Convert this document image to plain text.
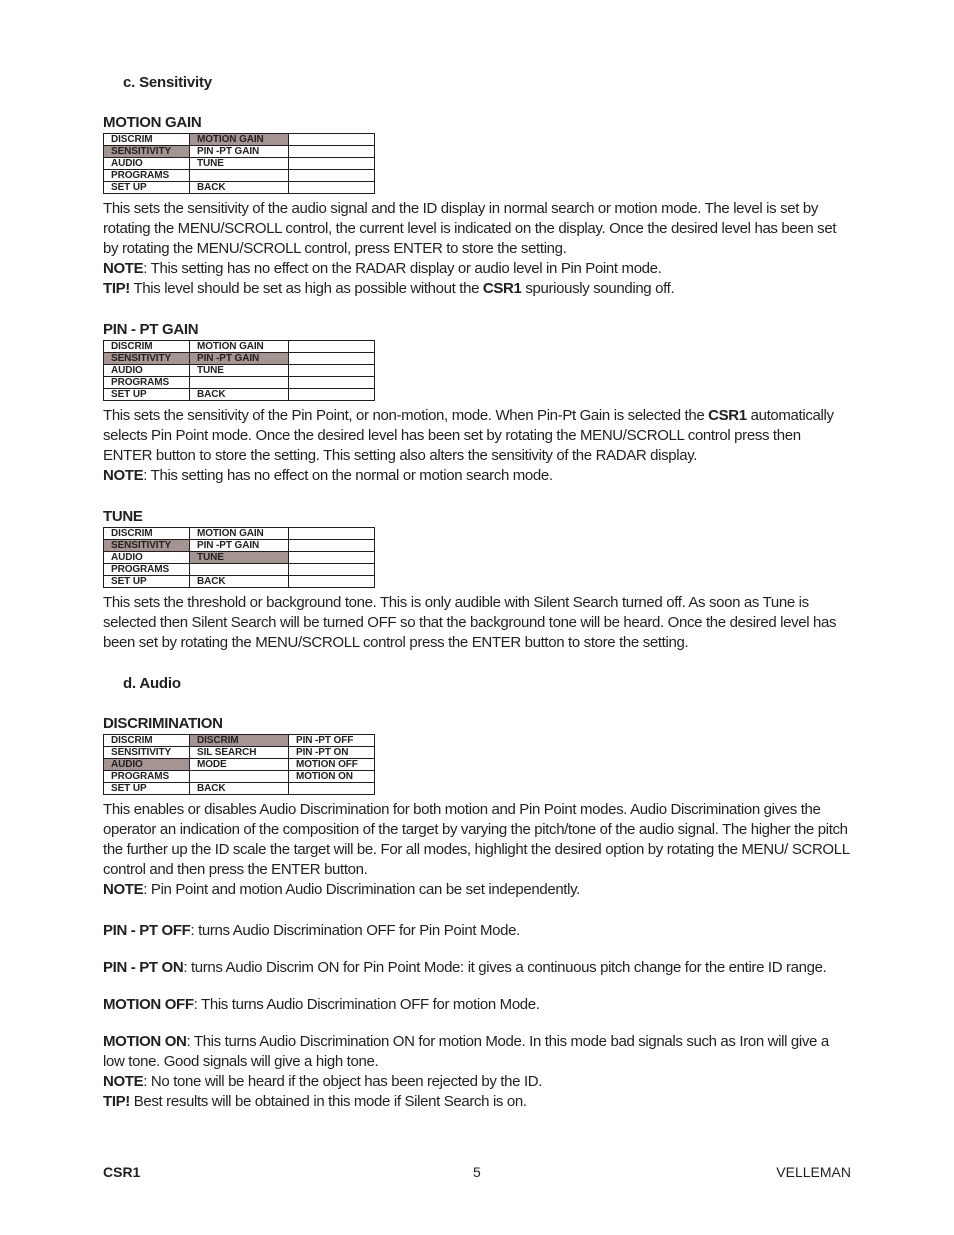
c. Sensitivity
MOTION GAIN
DISCRIM	MOTION GAIN	
SENSITIVITY	PIN -PT GAIN	
AUDIO	TUNE	
PROGRAMS		
SET UP	BACK	

This sets the sensitivity of the audio signal and the ID display in normal search or motion mode. The level is set by rotating the MENU/SCROLL control, the current level is indicated on the display. Once the desired level has been set by rotating the MENU/SCROLL control, press ENTER to store the setting.
NOTE: This setting has no effect on the RADAR display or audio level in Pin Point mode.
TIP! This level should be set as high as possible without the CSR1 spuriously sounding off.

PIN - PT GAIN
DISCRIM	MOTION GAIN	
SENSITIVITY	PIN -PT GAIN	
AUDIO	TUNE	
PROGRAMS		
SET UP	BACK	

This sets the sensitivity of the Pin Point, or non-motion, mode. When Pin-Pt Gain is selected the CSR1 automatically selects Pin Point mode. Once the desired level has been set by rotating the MENU/SCROLL control press then ENTER button to store the setting. This setting also alters the sensitivity of the RADAR display.
NOTE: This setting has no effect on the normal or motion search mode.

TUNE
DISCRIM	MOTION GAIN	
SENSITIVITY	PIN -PT GAIN	
AUDIO	TUNE	
PROGRAMS		
SET UP	BACK	

This sets the threshold or background tone. This is only audible with Silent Search turned off. As soon as Tune is selected then Silent Search will be turned OFF so that the background tone will be heard. Once the desired level has been set by rotating the MENU/SCROLL control press the ENTER button to store the setting.

d. Audio
DISCRIMINATION
DISCRIM	DISCRIM	PIN -PT OFF
SENSITIVITY	SIL SEARCH	PIN -PT ON
AUDIO	MODE	MOTION OFF
PROGRAMS		MOTION ON
SET UP	BACK	

This enables or disables Audio Discrimination for both motion and Pin Point modes. Audio Discrimination gives the operator an indication of the composition of the target by varying the pitch/tone of the audio signal. The higher the pitch the further up the ID scale the target will be. For all modes, highlight the desired option by rotating the MENU/ SCROLL control and then press the ENTER button.
NOTE: Pin Point and motion Audio Discrimination can be set independently.

PIN - PT OFF: turns Audio Discrimination OFF for Pin Point Mode.

PIN - PT ON: turns Audio Discrim ON for Pin Point Mode: it gives a continuous pitch change for the entire ID range.

MOTION OFF: This turns Audio Discrimination OFF for motion Mode.

MOTION ON: This turns Audio Discrimination ON for motion Mode. In this mode bad signals such as Iron will give a low tone. Good signals will give a high tone.
NOTE: No tone will be heard if the object has been rejected by the ID.
TIP! Best results will be obtained in this mode if Silent Search is on.

CSR1	5	VELLEMAN
